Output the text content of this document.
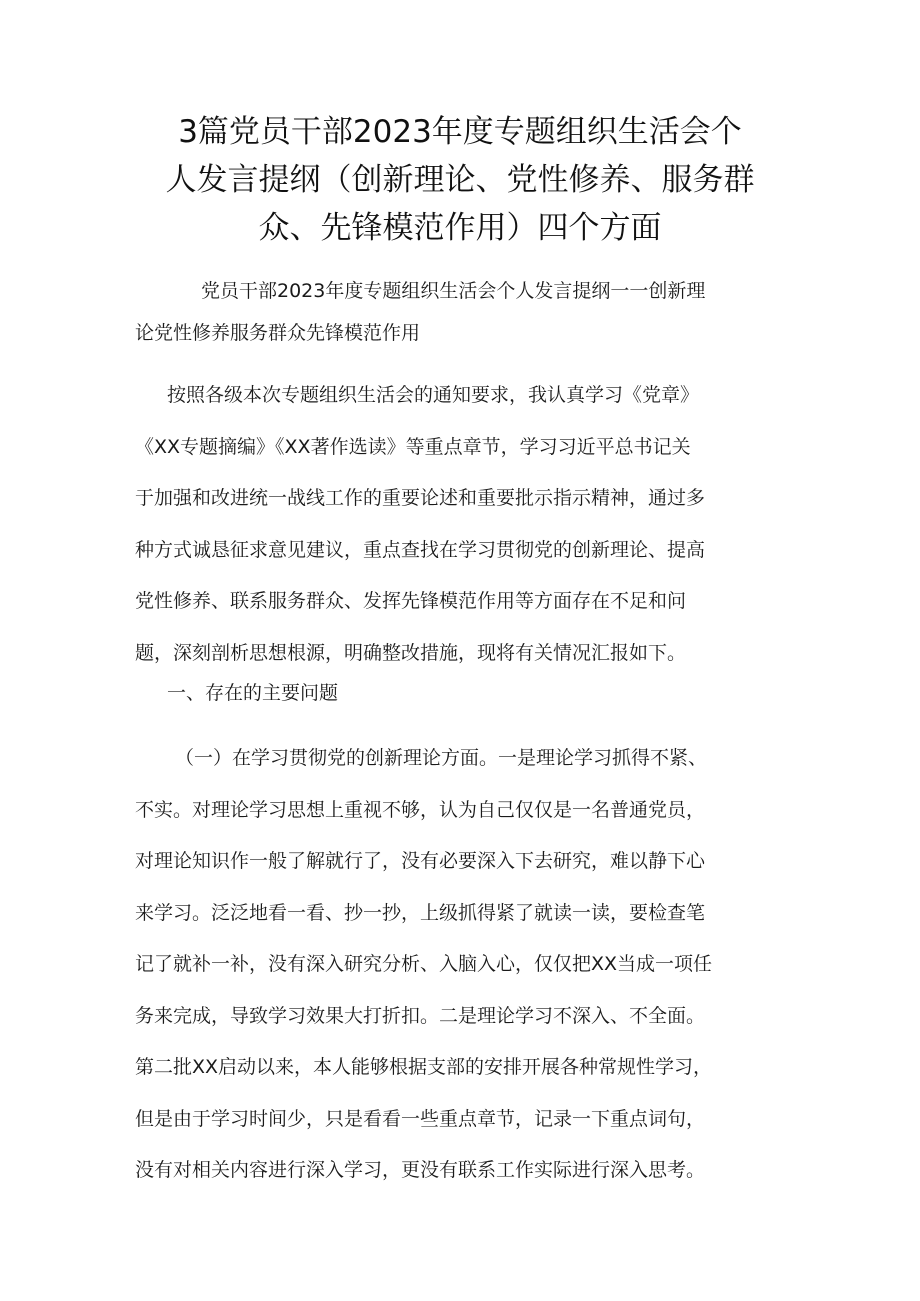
3篇党员干部2023年度专题组织生活会个
人发言提纲（创新理论、党性修养、服务群
众、先锋模范作用）四个方面
党员干部2023年度专题组织生活会个人发言提纲一一创新理
论党性修养服务群众先锋模范作用
按照各级本次专题组织生活会的通知要求，我认真学习《党章》
《XX专题摘编》《XX著作选读》等重点章节，学习习近平总书记关
于加强和改进统一战线工作的重要论述和重要批示指示精神，通过多
种方式诚恳征求意见建议，重点查找在学习贯彻党的创新理论、提高
党性修养、联系服务群众、发挥先锋模范作用等方面存在不足和问
题，深刻剖析思想根源，明确整改措施，现将有关情况汇报如下。
一、存在的主要问题
（一）在学习贯彻党的创新理论方面。一是理论学习抓得不紧、
不实。对理论学习思想上重视不够，认为自己仅仅是一名普通党员，
对理论知识作一般了解就行了，没有必要深入下去研究，难以静下心
来学习。泛泛地看一看、抄一抄，上级抓得紧了就读一读，要检查笔
记了就补一补，没有深入研究分析、入脑入心，仅仅把XX当成一项任
务来完成，导致学习效果大打折扣。二是理论学习不深入、不全面。
第二批XX启动以来，本人能够根据支部的安排开展各种常规性学习，
但是由于学习时间少，只是看看一些重点章节，记录一下重点词句，
没有对相关内容进行深入学习，更没有联系工作实际进行深入思考。
